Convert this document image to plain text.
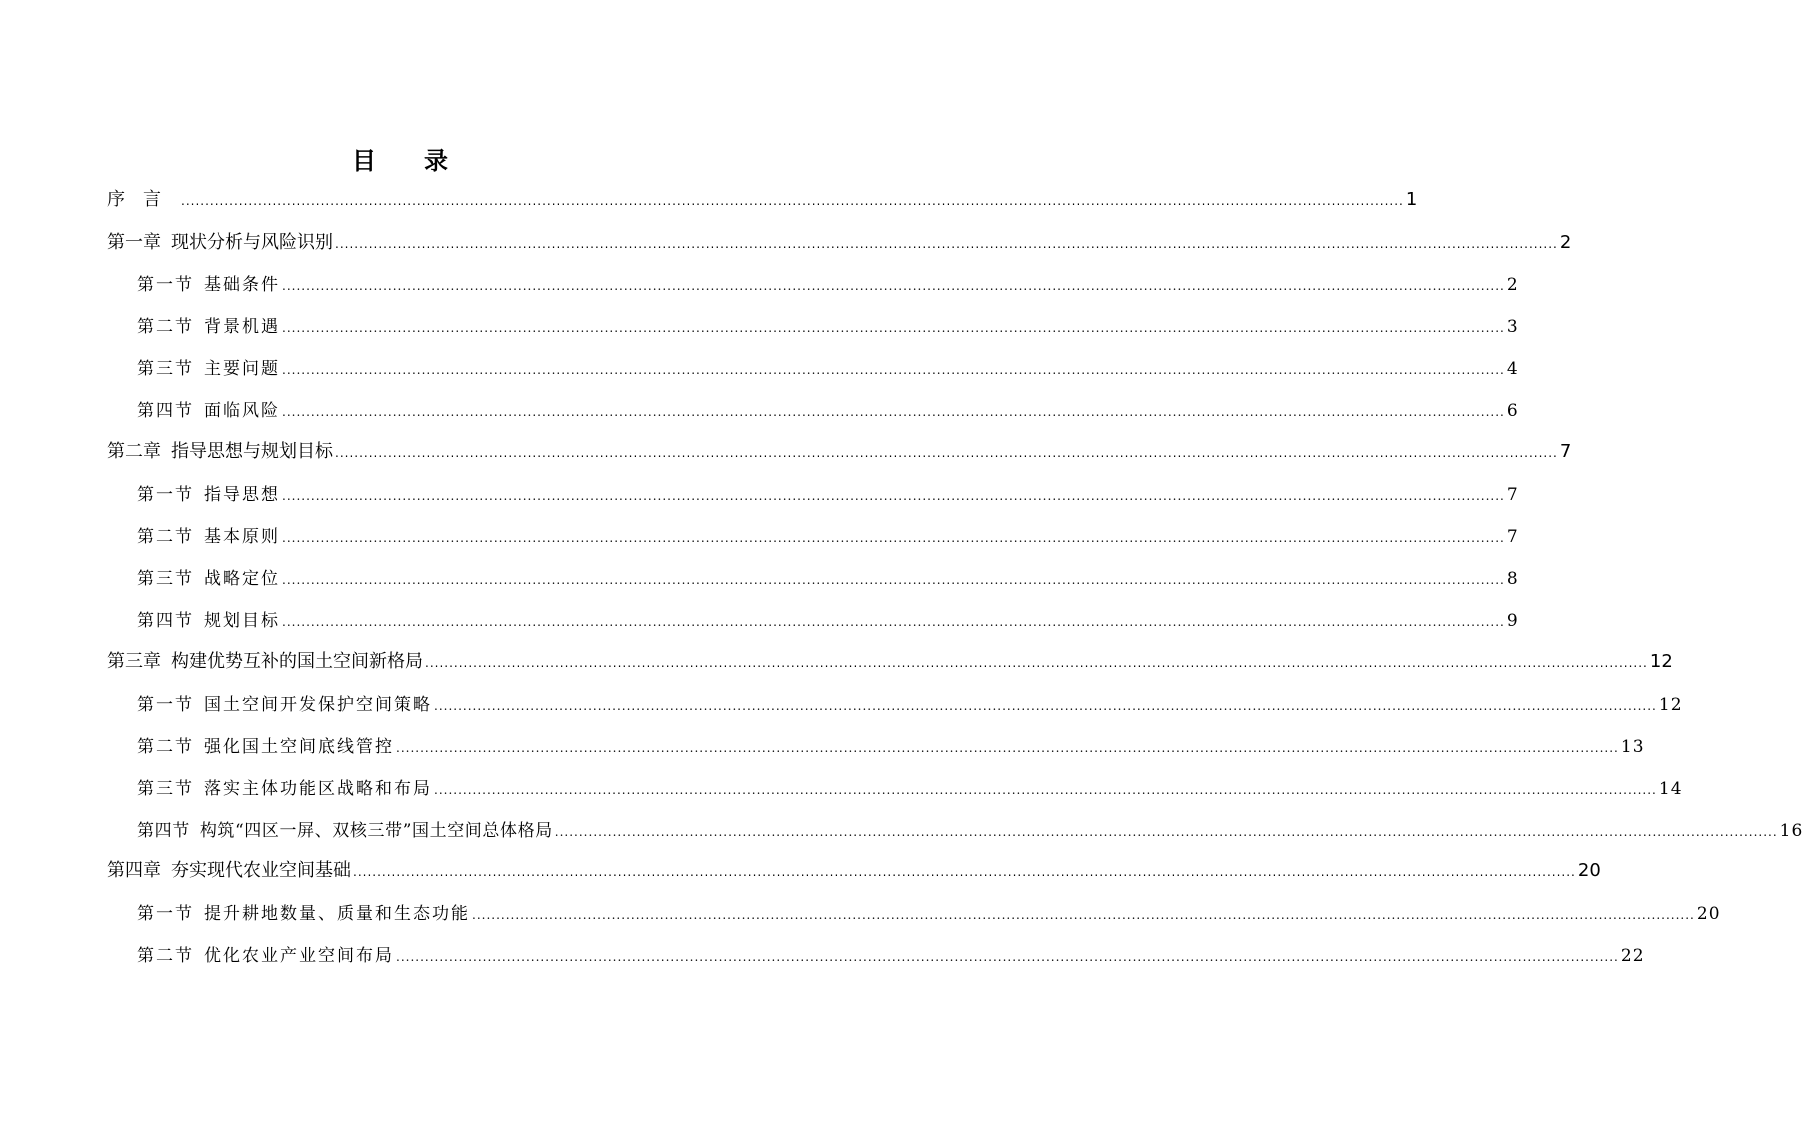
目录
序言 .............................................................................................................................................................................................................................................................. 1
第一章 现状分析与风险识别 .............................................................................................................................................................................................................................................................. 2
第一节 基础条件 .............................................................................................................................................................................................................................................................. 2
第二节 背景机遇 .............................................................................................................................................................................................................................................................. 3
第三节 主要问题 .............................................................................................................................................................................................................................................................. 4
第四节 面临风险 .............................................................................................................................................................................................................................................................. 6
第二章 指导思想与规划目标 .............................................................................................................................................................................................................................................................. 7
第一节 指导思想 .............................................................................................................................................................................................................................................................. 7
第二节 基本原则 .............................................................................................................................................................................................................................................................. 7
第三节 战略定位 .............................................................................................................................................................................................................................................................. 8
第四节 规划目标 .............................................................................................................................................................................................................................................................. 9
第三章 构建优势互补的国土空间新格局 .............................................................................................................................................................................................................................................................. 12
第一节 国土空间开发保护空间策略 .............................................................................................................................................................................................................................................................. 12
第二节 强化国土空间底线管控 .............................................................................................................................................................................................................................................................. 13
第三节 落实主体功能区战略和布局 .............................................................................................................................................................................................................................................................. 14
第四节 构筑“四区一屏、双核三带”国土空间总体格局 .............................................................................................................................................................................................................................................................. 16
第四章 夯实现代农业空间基础 .............................................................................................................................................................................................................................................................. 20
第一节 提升耕地数量、质量和生态功能 .............................................................................................................................................................................................................................................................. 20
第二节 优化农业产业空间布局 .............................................................................................................................................................................................................................................................. 22
